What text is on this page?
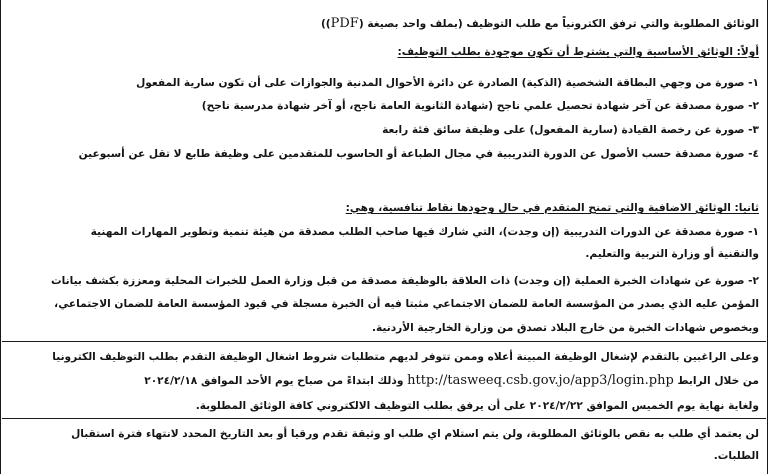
الوثائق المطلوبة والتي ترفق الكترونياً مع طلب التوظيف (بملف واحد بصيغة (PDF))
أولاً: الوثائق الأساسية والتي يشترط أن تكون موجودة بطلب التوظيف:
١- صورة من وجهي البطاقة الشخصية (الذكية) الصادرة عن دائرة الأحوال المدنية والجوازات على أن تكون سارية المفعول
٢- صورة مصدقة عن آخر شهادة تحصيل علمي ناجح (شهادة الثانوية العامة ناجح، أو آخر شهادة مدرسية ناجح)
٣- صورة عن رخصة القيادة (سارية المفعول) على وظيفة سائق فئة رابعة
٤- صورة مصدقة حسب الأصول عن الدورة التدريبية في مجال الطباعة أو الحاسوب للمتقدمين على وظيفة طابع لا تقل عن أسبوعين
ثانيا: الوثائق الاضافية والتي تمنح المتقدم في حال وجودها نقاط تنافسية، وهي:
١- صورة مصدقة عن الدورات التدريبية (إن وجدت)، التي شارك فيها صاحب الطلب مصدقة من هيئة تنمية وتطوير المهارات المهنية
والتقنية أو وزارة التربية والتعليم.
٢- صورة عن شهادات الخبرة العملية (إن وجدت) ذات العلاقة بالوظيفة مصدقة من قبل وزارة العمل للخبرات المحلية ومعززة بكشف بيانات
المؤمن عليه الذي يصدر من المؤسسة العامة للضمان الاجتماعي مثبتا فيه أن الخبرة مسجلة في قيود المؤسسة العامة للضمان الاجتماعي،
وبخصوص شهادات الخبرة من خارج البلاد تصدق من وزارة الخارجية الأردنية.
وعلى الراغبين بالتقدم لإشغال الوظيفة المبينة أعلاه وممن تتوفر لديهم متطلبات شروط اشغال الوظيفة التقدم بطلب التوظيف الكترونيا
من خلال الرابط http://tasweeq.csb.gov.jo/app3/login.php وذلك ابتداءً من صباح يوم الأحد الموافق ٢٠٢٤/٢/١٨
ولغاية نهاية يوم الخميس الموافق ٢٠٢٤/٢/٢٢ على أن يرفق بطلب التوظيف الالكتروني كافة الوثائق المطلوبة.
لن يعتمد أي طلب به نقص بالوثائق المطلوبة، ولن يتم استلام اي طلب او وثيقة تقدم ورقيا أو بعد التاريخ المحدد لانتهاء فترة استقبال
الطلبات.
